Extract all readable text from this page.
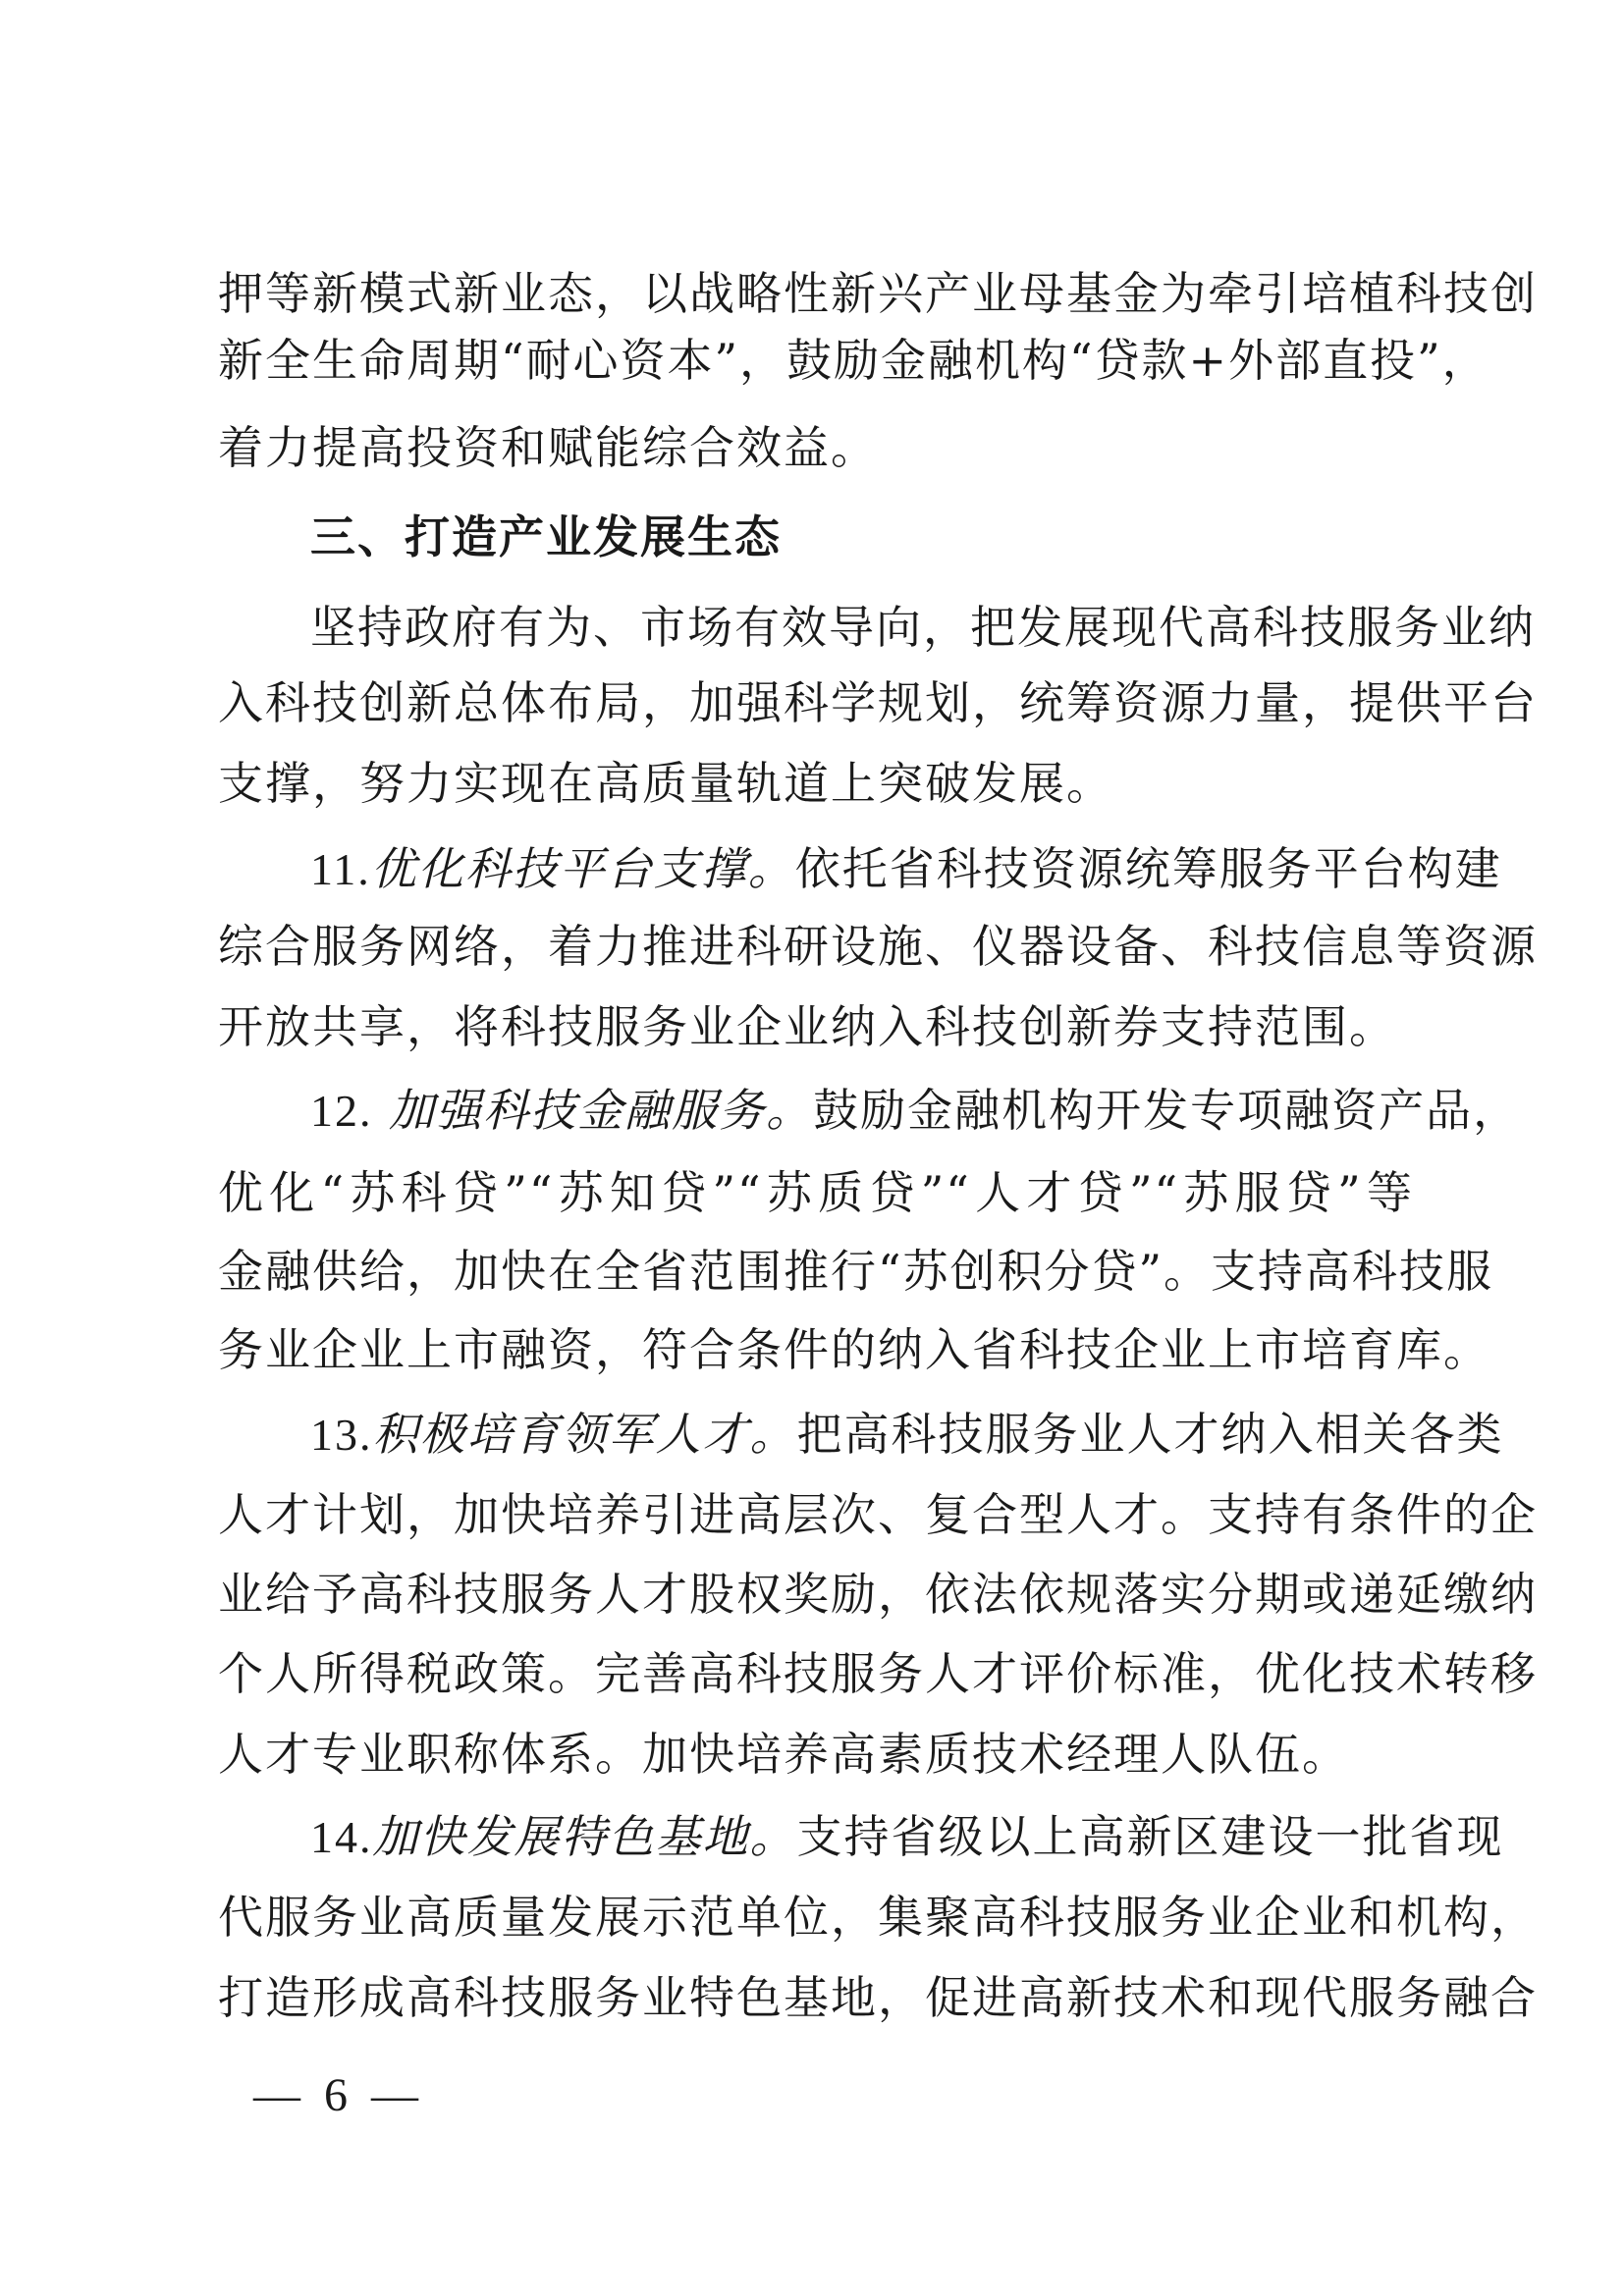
押等新模式新业态，以战略性新兴产业母基金为牵引培植科技创
新全生命周期“耐心资本”，鼓励金融机构“贷款+外部直投”，
着力提高投资和赋能综合效益。
三、打造产业发展生态
坚持政府有为、市场有效导向，把发展现代高科技服务业纳
入科技创新总体布局，加强科学规划，统筹资源力量，提供平台
支撑，努力实现在高质量轨道上突破发展。
11.优化科技平台支撑。依托省科技资源统筹服务平台构建
综合服务网络，着力推进科研设施、仪器设备、科技信息等资源
开放共享，将科技服务业企业纳入科技创新券支持范围。
12. 加强科技金融服务。鼓励金融机构开发专项融资产品，
优化“苏科贷”“苏知贷”“苏质贷”“人才贷”“苏服贷”等
金融供给，加快在全省范围推行“苏创积分贷”。支持高科技服
务业企业上市融资，符合条件的纳入省科技企业上市培育库。
13.积极培育领军人才。把高科技服务业人才纳入相关各类
人才计划，加快培养引进高层次、复合型人才。支持有条件的企
业给予高科技服务人才股权奖励，依法依规落实分期或递延缴纳
个人所得税政策。完善高科技服务人才评价标准，优化技术转移
人才专业职称体系。加快培养高素质技术经理人队伍。
14.加快发展特色基地。支持省级以上高新区建设一批省现
代服务业高质量发展示范单位，集聚高科技服务业企业和机构，
打造形成高科技服务业特色基地，促进高新技术和现代服务融合
— 6 —
